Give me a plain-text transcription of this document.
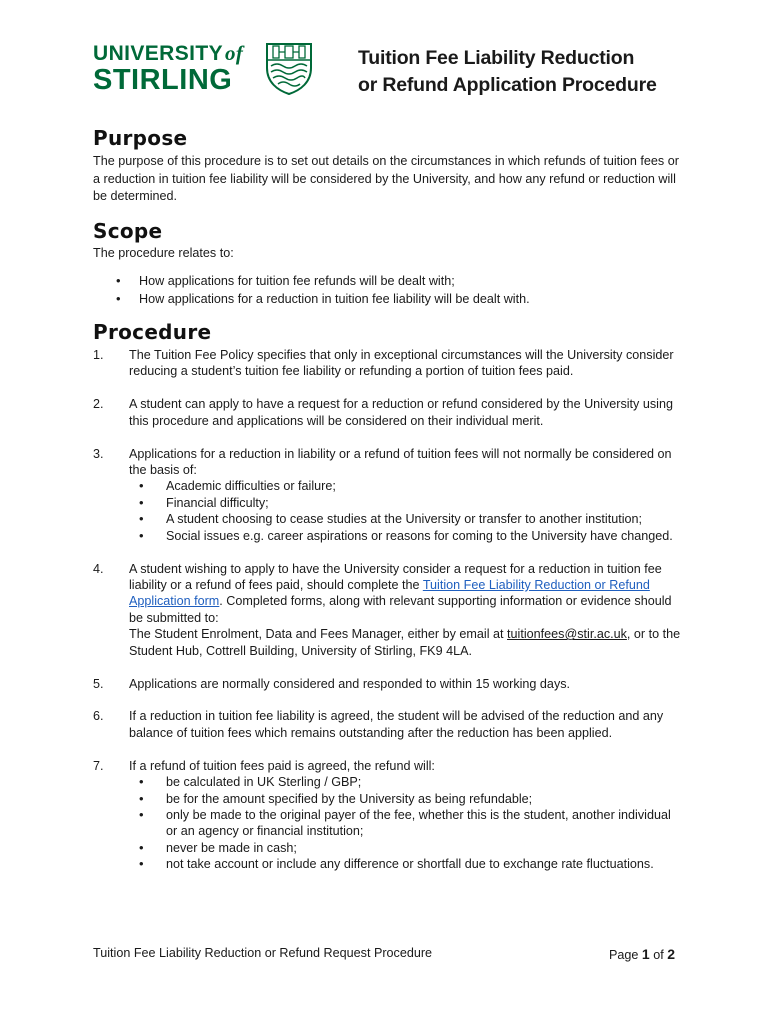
UNIVERSITYof
STIRLING
Tuition Fee Liability Reduction
or Refund Application Procedure
Purpose

The purpose of this procedure is to set out details on the circumstances in which refunds of tuition fees or a reduction in tuition fee liability will be considered by the University, and how any refund or reduction will be determined.

Scope

The procedure relates to:

• How applications for tuition fee refunds will be dealt with;
• How applications for a reduction in tuition fee liability will be dealt with.
Procedure
1. The Tuition Fee Policy specifies that only in exceptional circumstances will the University consider reducing a student’s tuition fee liability or refunding a portion of tuition fees paid.
2. A student can apply to have a request for a reduction or refund considered by the University using this procedure and applications will be considered on their individual merit.
3. Applications for a reduction in liability or a refund of tuition fees will not normally be considered on the basis of:
• Academic difficulties or failure;
• Financial difficulty;
• A student choosing to cease studies at the University or transfer to another institution;
• Social issues e.g. career aspirations or reasons for coming to the University have changed.
4. A student wishing to apply to have the University consider a request for a reduction in tuition fee liability or a refund of fees paid, should complete the Tuition Fee Liability Reduction or Refund Application form. Completed forms, along with relevant supporting information or evidence should be submitted to:
The Student Enrolment, Data and Fees Manager, either by email at tuitionfees@stir.ac.uk, or to the Student Hub, Cottrell Building, University of Stirling, FK9 4LA.
5. Applications are normally considered and responded to within 15 working days.
6. If a reduction in tuition fee liability is agreed, the student will be advised of the reduction and any balance of tuition fees which remains outstanding after the reduction has been applied.
7. If a refund of tuition fees paid is agreed, the refund will:
• be calculated in UK Sterling / GBP;
• be for the amount specified by the University as being refundable;
• only be made to the original payer of the fee, whether this is the student, another individual or an agency or financial institution;
• never be made in cash;
• not take account or include any difference or shortfall due to exchange rate fluctuations.
Tuition Fee Liability Reduction or Refund Request Procedure	Page 1 of 2
